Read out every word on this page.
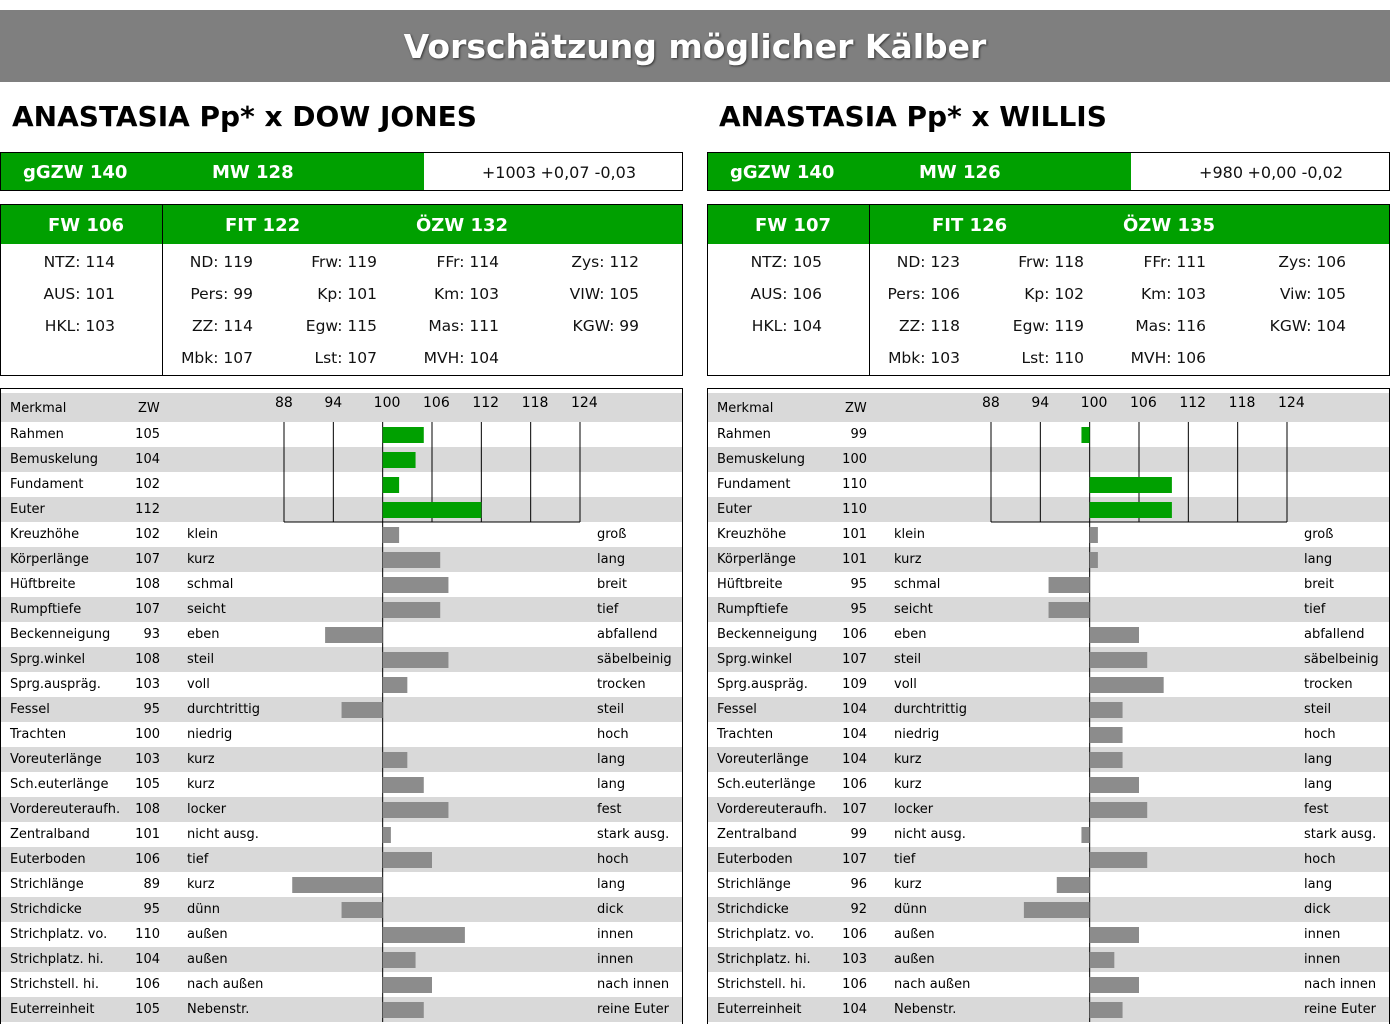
Vorschätzung möglicher Kälber
ANASTASIA Pp* x DOW JONES
gGZW 140	MW 128	+1003 +0,07 -0,03
FW 106	FIT 122	ÖZW 132
NTZ: 114	ND: 119	Frw: 119	FFr: 114	Zys: 112
AUS: 101	Pers: 99	Kp: 101	Km: 103	VIW: 105
HKL: 103	ZZ: 114	Egw: 115	Mas: 111	KGW: 99
Mbk: 107	Lst: 107	MVH: 104
Merkmal	ZW	88 94 100 106 112 118 124
Rahmen	105
Bemuskelung	104
Fundament	102
Euter	112
Kreuzhöhe	102 klein	groß
Körperlänge	107 kurz	lang
Hüftbreite	108 schmal	breit
Rumpftiefe	107 seicht	tief
Beckenneigung	93 eben	abfallend
Sprg.winkel	108 steil	säbelbeinig
Sprg.auspräg.	103 voll	trocken
Fessel	95 durchtrittig	steil
Trachten	100 niedrig	hoch
Voreuterlänge	103 kurz	lang
Sch.euterlänge 105 kurz	lang
Vordereuteraufh. 108 locker	fest
Zentralband	101 nicht ausg.	stark ausg.
Euterboden	106 tief	hoch
Strichlänge	89 kurz	lang
Strichdicke	95 dünn	dick
Strichplatz. vo. 110 außen	innen
Strichplatz. hi. 104 außen	innen
Strichstell. hi.	106 nach außen	nach innen
Euterreinheit	105 Nebenstr.	reine Euter
ANASTASIA Pp* x WILLIS
gGZW 140	MW 126	+980 +0,00 -0,02
FW 107	FIT 126	ÖZW 135
NTZ: 105	ND: 123	Frw: 118	FFr: 111	Zys: 106
AUS: 106	Pers: 106	Kp: 102	Km: 103	Viw: 105
HKL: 104	ZZ: 118	Egw: 119	Mas: 116	KGW: 104
Mbk: 103	Lst: 110	MVH: 106
Merkmal	ZW	88 94 100 106 112 118 124
Rahmen	99
Bemuskelung	100
Fundament	110
Euter	110
Kreuzhöhe	101 klein	groß
Körperlänge	101 kurz	lang
Hüftbreite	95 schmal	breit
Rumpftiefe	95 seicht	tief
Beckenneigung 106 eben	abfallend
Sprg.winkel	107 steil	säbelbeinig
Sprg.auspräg.	109 voll	trocken
Fessel	104 durchtrittig	steil
Trachten	104 niedrig	hoch
Voreuterlänge	104 kurz	lang
Sch.euterlänge 106 kurz	lang
Vordereuteraufh. 107 locker	fest
Zentralband	99 nicht ausg.	stark ausg.
Euterboden	107 tief	hoch
Strichlänge	96 kurz	lang
Strichdicke	92 dünn	dick
Strichplatz. vo. 106 außen	innen
Strichplatz. hi. 103 außen	innen
Strichstell. hi.	106 nach außen	nach innen
Euterreinheit	104 Nebenstr.	reine Euter
